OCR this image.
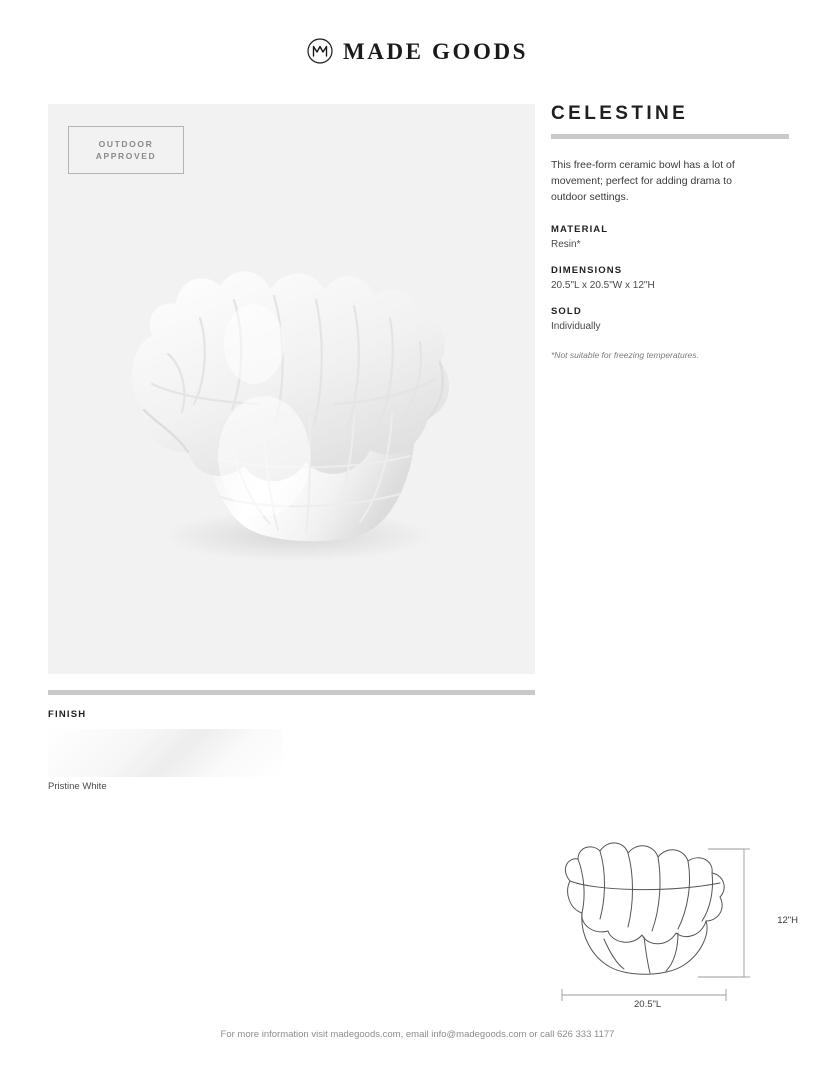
MADE GOODS
OUTDOOR
APPROVED
CELESTINE

This free-form ceramic bowl has a lot of movement; perfect for adding drama to outdoor settings.

MATERIAL
Resin*
DIMENSIONS
20.5"L x 20.5"W x 12"H
SOLD
Individually
*Not suitable for freezing temperatures.
FINISH
Pristine White
12"H
20.5"L
For more information visit madegoods.com, email info@madegoods.com or call 626 333 1177
